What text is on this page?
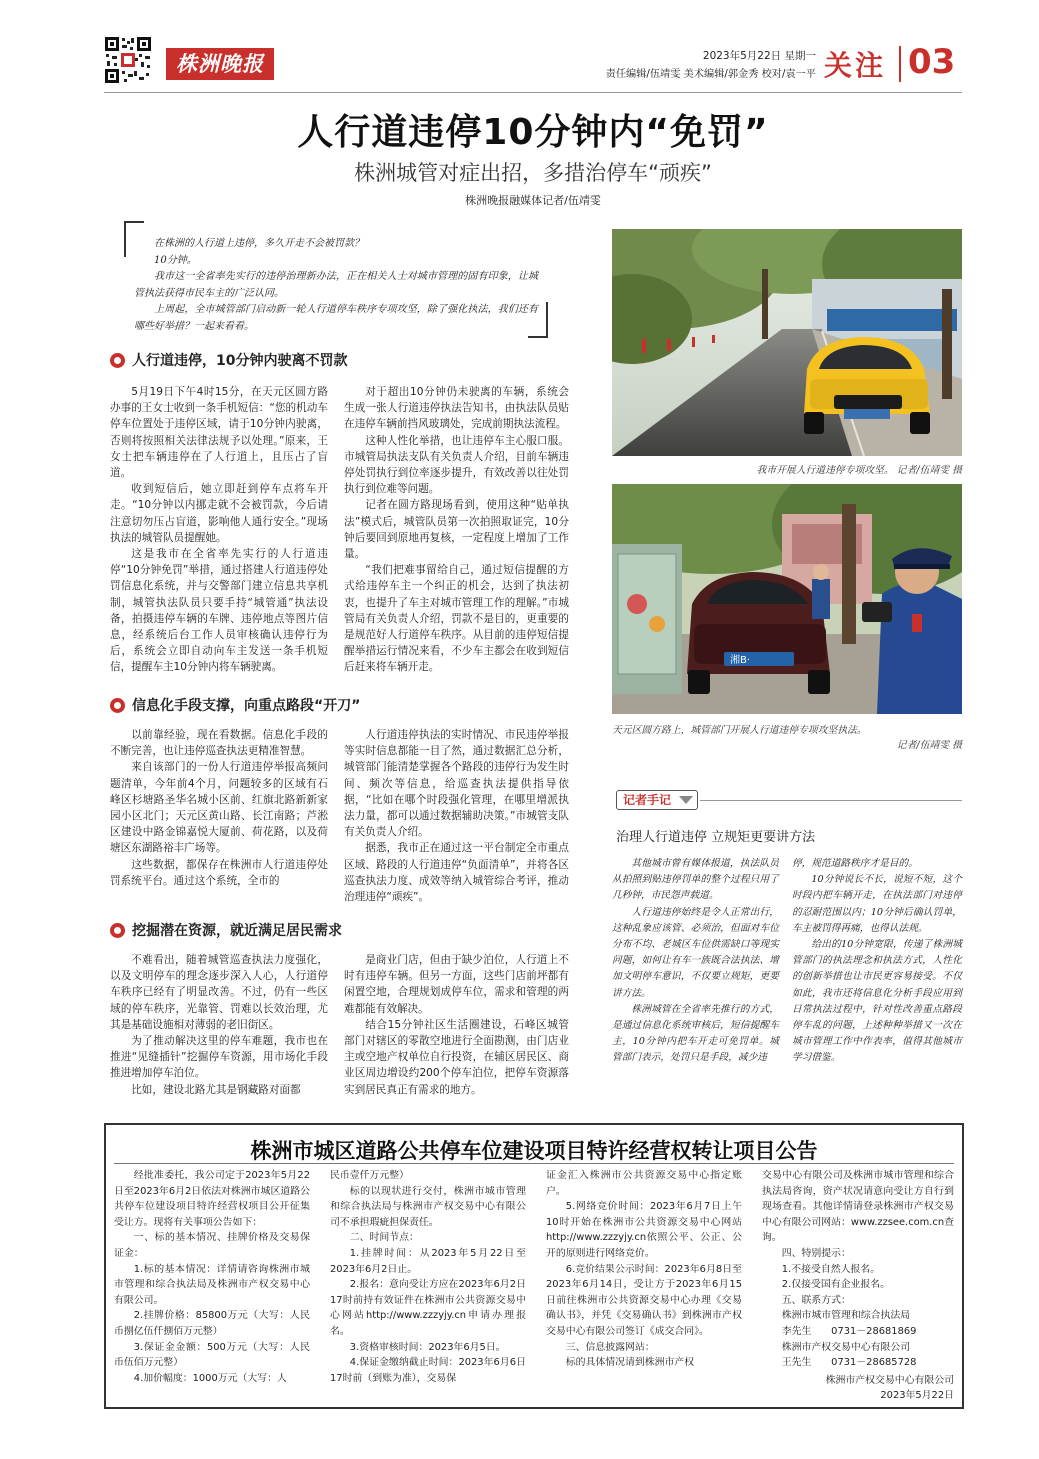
株洲晚报	2023年5月22日 星期一
责任编辑/伍靖雯 美术编辑/郭金秀 校对/袁一平 关注 03
人行道违停10分钟内“免罚”
株洲城管对症出招，多措治停车“顽疾”
株洲晚报融媒体记者/伍靖雯

在株洲的人行道上违停，多久开走不会被罚款？

10分钟。

我市这一全省率先实行的违停治理新办法，正在相关人士对城市管理的固有印象，让城管执法获得市民车主的广泛认同。

上周起，全市城管部门启动新一轮人行道停车秩序专项攻坚，除了强化执法，我们还有哪些好举措？一起来看看。

人行道违停，10分钟内驶离不罚款

5月19日下午4时15分，在天元区圆方路办事的王女士收到一条手机短信：“您的机动车停车位置处于违停区域，请于10分钟内驶离，否则将按照相关法律法规予以处理。”原来，王女士把车辆违停在了人行道上，且压占了盲道。

收到短信后，她立即赶到停车点将车开走。“10分钟以内挪走就不会被罚款，今后请注意切勿压占盲道，影响他人通行安全。”现场执法的城管队员提醒她。

这是我市在全省率先实行的人行道违停“10分钟免罚”举措，通过搭建人行道违停处罚信息化系统，并与交警部门建立信息共享机制，城管执法队员只要手持“城管通”执法设备，拍摄违停车辆的车牌、违停地点等图片信息，经系统后台工作人员审核确认违停行为后，系统会立即自动向车主发送一条手机短信，提醒车主10分钟内将车辆驶离。

对于超出10分钟仍未驶离的车辆，系统会生成一张人行道违停执法告知书，由执法队员贴在违停车辆前挡风玻璃处，完成前期执法流程。

这种人性化举措，也让违停车主心服口服。市城管局执法支队有关负责人介绍，目前车辆违停处罚执行到位率逐步提升，有效改善以往处罚执行到位难等问题。

记者在圆方路现场看到，使用这种“贴单执法”模式后，城管队员第一次拍照取证完，10分钟后要回到原地再复核，一定程度上增加了工作量。

“我们把难事留给自己，通过短信提醒的方式给违停车主一个纠正的机会，达到了执法初衷，也提升了车主对城市管理工作的理解。”市城管局有关负责人介绍，罚款不是目的，更重要的是规范好人行道停车秩序。从目前的违停短信提醒举措运行情况来看，不少车主都会在收到短信后赶来将车辆开走。

信息化手段支撑，向重点路段“开刀”

以前靠经验，现在看数据。信息化手段的不断完善，也让违停巡查执法更精准智慧。

来自该部门的一份人行道违停举报高频问题清单，今年前4个月，问题较多的区域有石峰区杉塘路圣华名城小区前、红旗北路新新家园小区北门；天元区黄山路、长江南路；芦淞区建设中路金锦嘉悦大厦前、荷花路，以及荷塘区东湖路裕丰广场等。

这些数据，都保存在株洲市人行道违停处罚系统平台。通过这个系统，全市的

人行道违停执法的实时情况、市民违停举报等实时信息都能一目了然，通过数据汇总分析，城管部门能清楚掌握各个路段的违停行为发生时间、频次等信息，给巡查执法提供指导依据，“比如在哪个时段强化管理，在哪里增派执法力量，都可以通过数据辅助决策。”市城管支队有关负责人介绍。

据悉，我市正在通过这一平台制定全市重点区域、路段的人行道违停“负面清单”，并将各区巡查执法力度、成效等纳入城管综合考评，推动治理违停“顽疾”。

挖掘潜在资源，就近满足居民需求

不难看出，随着城管巡查执法力度强化，以及文明停车的理念逐步深入人心，人行道停车秩序已经有了明显改善。不过，仍有一些区域的停车秩序，光靠管、罚难以长效治理，尤其是基础设施相对薄弱的老旧街区。

为了推动解决这里的停车难题，我市也在推进“见缝插针”挖掘停车资源，用市场化手段推进增加停车泊位。

比如，建设北路尤其是钢藏路对面都

是商业门店，但由于缺少泊位，人行道上不时有违停车辆。但另一方面，这些门店前坪都有闲置空地，合理规划成停车位，需求和管理的两难都能有效解决。

结合15分钟社区生活圈建设，石峰区城管部门对辖区的零散空地进行全面勘测，由门店业主或空地产权单位自行投资，在辅区居民区、商业区周边增设约200个停车泊位，把停车资源落实到居民真正有需求的地方。

我市开展人行道违停专项攻坚。 记者/伍靖雯 摄
湘B·
天元区圆方路上，城管部门开展人行道违停专项攻坚执法。
记者/伍靖雯 摄
记者手记
治理人行道违停 立规矩更要讲方法

其他城市曾有媒体报道，执法队员从拍照到贴违停罚单的整个过程只用了几秒钟，市民怨声载道。

人行道违停始终是令人正常出行，这种乱象应该管、必须治，但面对车位分布不均、老城区车位供需缺口等现实问题，如何让有车一族既合法执法、增加文明停车意识，不仅要立规矩，更要讲方法。

株洲城管在全省率先推行的方式，是通过信息化系统审核后，短信提醒车主，10分钟内把车开走可免罚单。城管部门表示，处罚只是手段，减少违

停，规范道路秩序才是目的。

10分钟说长不长，说短不短，这个时段内把车辆开走，在执法部门对违停的忍耐范围以内；10分钟后确认罚单，车主被罚得再痛，也得认法规。

给出的10分钟宽限，传递了株洲城管部门的执法理念和执法方式，人性化的创新举措也让市民更容易接受。不仅如此，我市还将信息化分析手段应用到日常执法过程中，针对性改善重点路段停车乱的问题，上述种种举措又一次在城市管理工作中作表率，值得其他城市学习借鉴。

株洲市城区道路公共停车位建设项目特许经营权转让项目公告

经批准委托，我公司定于2023年5月22日至2023年6月2日依法对株洲市城区道路公共停车位建设项目特许经营权项目公开征集受让方。现将有关事项公告如下：

一、标的基本情况、挂牌价格及交易保证金：

1.标的基本情况：详情请咨询株洲市城市管理和综合执法局及株洲市产权交易中心有限公司。

2.挂牌价格：85800万元（大写：人民币捌亿伍仟捌佰万元整）

3.保证金金额：500万元（大写：人民币伍佰万元整）

4.加价幅度：1000万元（大写：人

民币壹仟万元整）

标的以现状进行交付，株洲市城市管理和综合执法局与株洲市产权交易中心有限公司不承担瑕疵担保责任。

二、时间节点：

1.挂牌时间：从2023年5月22日至2023年6月2日止。

2.报名：意向受让方应在2023年6月2日17时前持有效证件在株洲市公共资源交易中心网站http://www.zzzyjy.cn申请办理报名。

3.资格审核时间：2023年6月5日。

4.保证金缴纳截止时间：2023年6月6日17时前（到账为准），交易保

证金汇入株洲市公共资源交易中心指定账户。

5.网络竞价时间：2023年6月7日上午10时开始在株洲市公共资源交易中心网站http://www.zzzyjy.cn依照公平、公正、公开的原则进行网络竞价。

6.竞价结果公示时间：2023年6月8日至2023年6月14日，受让方于2023年6月15日前往株洲市公共资源交易中心办理《交易确认书》，并凭《交易确认书》到株洲市产权交易中心有限公司签订《成交合同》。

三、信息披露网站：

标的具体情况请到株洲市产权

交易中心有限公司及株洲市城市管理和综合执法局咨询，资产状况请意向受让方自行到现场查看。其他详情请登录株洲市产权交易中心有限公司网站：www.zzsee.com.cn查询。

四、特别提示：

1.不接受自然人报名。

2.仅接受国有企业报名。

五、联系方式：

株洲市城市管理和综合执法局

李先生　　0731－28681869

株洲市产权交易中心有限公司

王先生　　0731－28685728

株洲市产权交易中心有限公司
2023年5月22日
